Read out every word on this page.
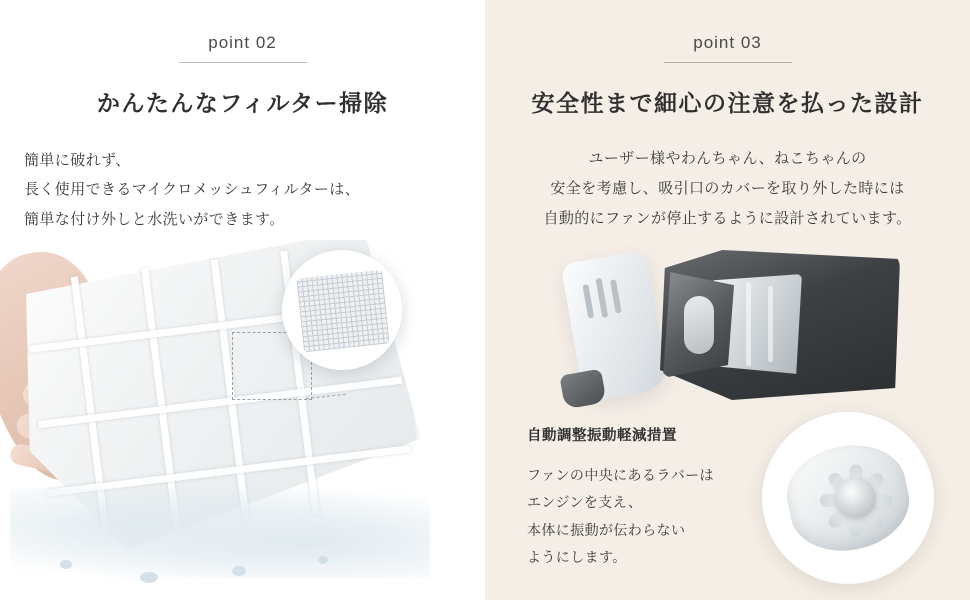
point 02
かんたんなフィルター掃除
簡単に破れず、
長く使用できるマイクロメッシュフィルターは、
簡単な付け外しと水洗いができます。
point 03
安全性まで細心の注意を払った設計
ユーザー様やわんちゃん、ねこちゃんの
安全を考慮し、吸引口のカバーを取り外した時には
自動的にファンが停止するように設計されています。
自動調整振動軽減措置
ファンの中央にあるラバーは
エンジンを支え、
本体に振動が伝わらない
ようにします。
